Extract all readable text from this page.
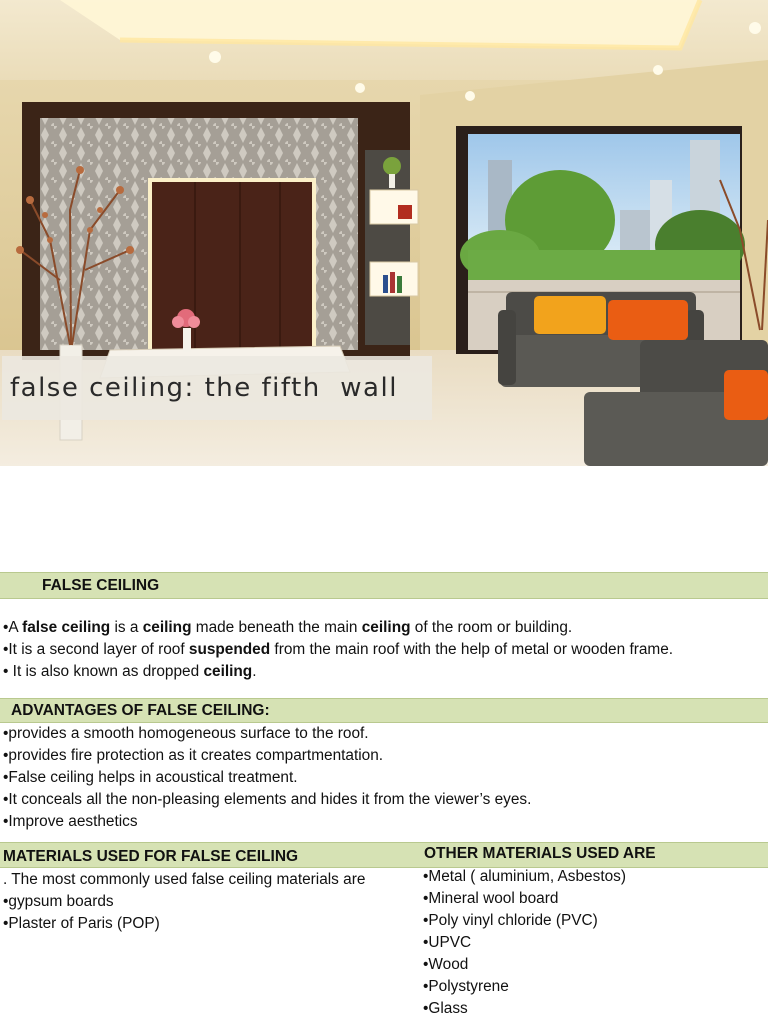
false ceiling: the fifth  wall
FALSE CEILING
•A false ceiling is a ceiling made beneath the main ceiling of the room or building.
•It is a second layer of roof suspended from the main roof with the help of metal or wooden frame.
• It is also known as dropped ceiling.
ADVANTAGES OF FALSE CEILING:
•provides a smooth homogeneous surface to the roof.
•provides fire protection as it creates compartmentation.
•False ceiling helps in acoustical treatment.
•It conceals all the non-pleasing elements and hides it from the viewer’s eyes.
•Improve aesthetics
MATERIALS USED FOR FALSE CEILING	OTHER MATERIALS USED ARE
. The most commonly used false ceiling materials are
•gypsum boards
•Plaster of Paris (POP)
•Metal ( aluminium, Asbestos)
•Mineral wool board
•Poly vinyl chloride (PVC)
•UPVC
•Wood
•Polystyrene
•Glass
